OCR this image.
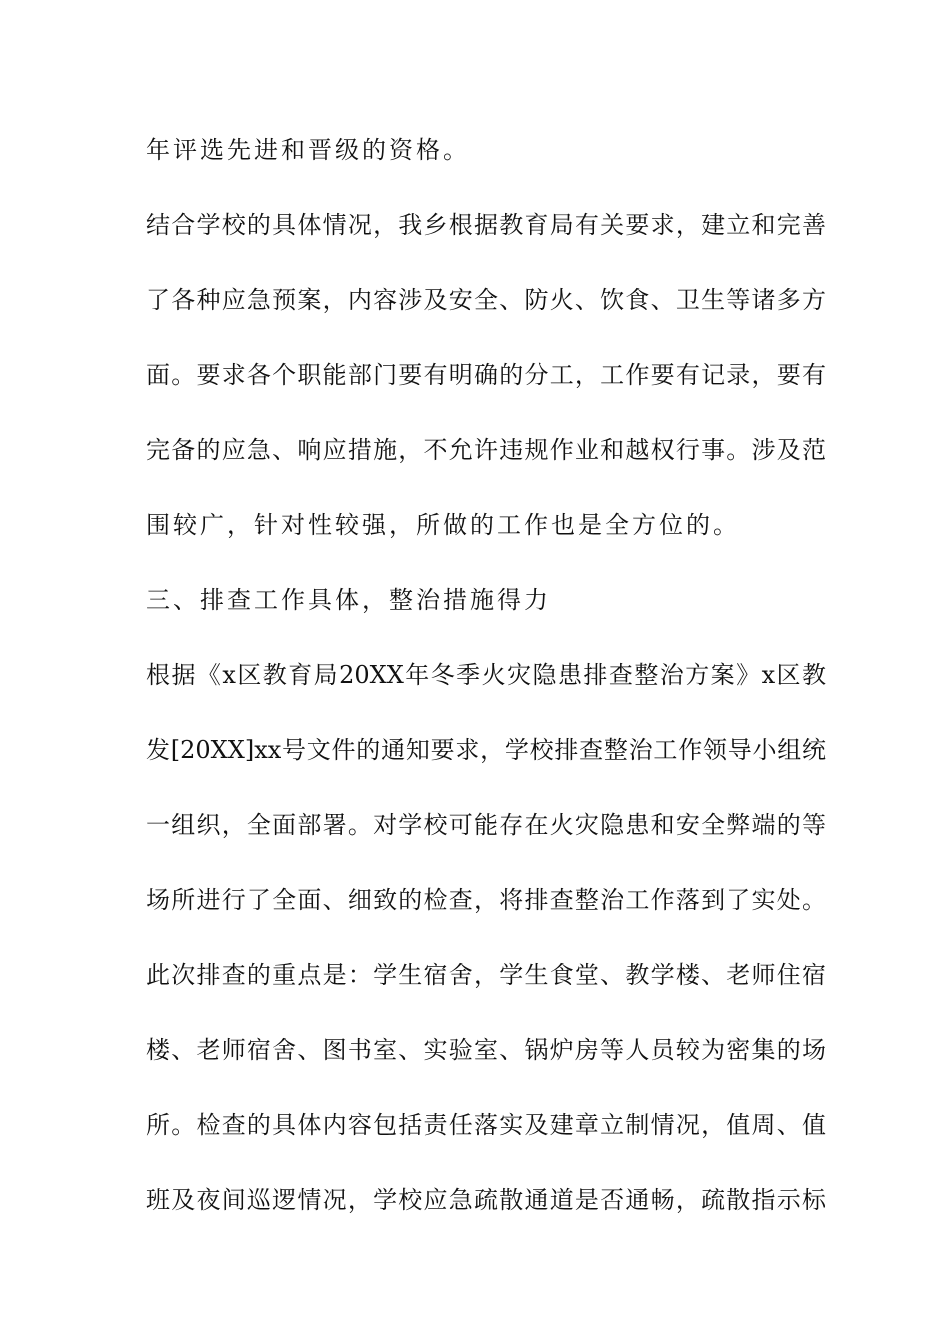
年评选先进和晋级的资格。
结合学校的具体情况，我乡根据教育局有关要求，建立和完善
了各种应急预案，内容涉及安全、防火、饮食、卫生等诸多方
面。要求各个职能部门要有明确的分工，工作要有记录，要有
完备的应急、响应措施，不允许违规作业和越权行事。涉及范
围较广，针对性较强，所做的工作也是全方位的。
三、排查工作具体，整治措施得力
根据《x区教育局20XX年冬季火灾隐患排查整治方案》x区教
发[20XX]xx号文件的通知要求，学校排查整治工作领导小组统
一组织，全面部署。对学校可能存在火灾隐患和安全弊端的等
场所进行了全面、细致的检查，将排查整治工作落到了实处。
此次排查的重点是：学生宿舍，学生食堂、教学楼、老师住宿
楼、老师宿舍、图书室、实验室、锅炉房等人员较为密集的场
所。检查的具体内容包括责任落实及建章立制情况，值周、值
班及夜间巡逻情况，学校应急疏散通道是否通畅，疏散指示标
